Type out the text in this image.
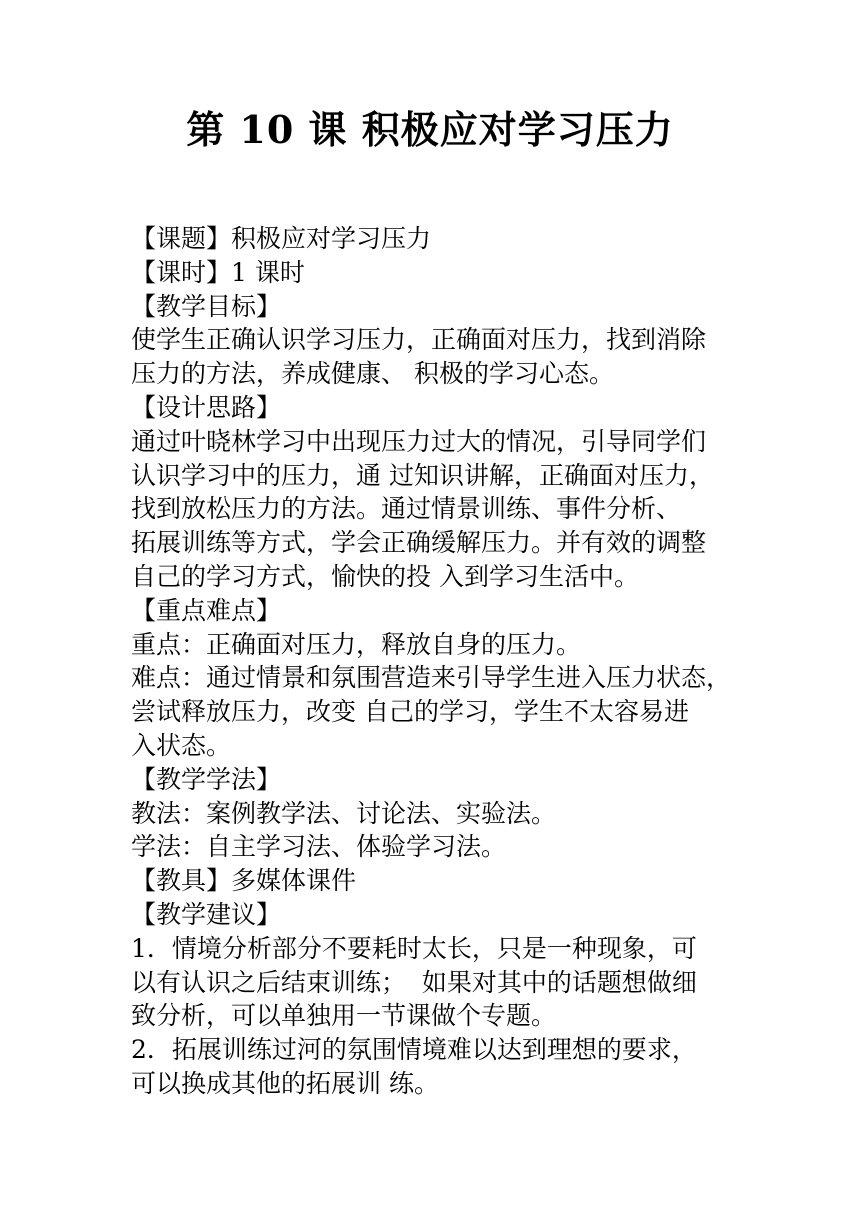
第 10 课 积极应对学习压力
【课题】积极应对学习压力
【课时】1 课时
【教学目标】
使学生正确认识学习压力，正确面对压力，找到消除
压力的方法，养成健康、 积极的学习心态。
【设计思路】
通过叶晓林学习中出现压力过大的情况，引导同学们
认识学习中的压力，通 过知识讲解，正确面对压力，
找到放松压力的方法。通过情景训练、事件分析、
拓展训练等方式，学会正确缓解压力。并有效的调整
自己的学习方式，愉快的投 入到学习生活中。
【重点难点】
重点：正确面对压力，释放自身的压力。
难点：通过情景和氛围营造来引导学生进入压力状态，
尝试释放压力，改变 自己的学习，学生不太容易进
入状态。
【教学学法】
教法：案例教学法、讨论法、实验法。
学法：自主学习法、体验学习法。
【教具】多媒体课件
【教学建议】
1．情境分析部分不要耗时太长，只是一种现象，可
以有认识之后结束训练；  如果对其中的话题想做细
致分析，可以单独用一节课做个专题。
2．拓展训练过河的氛围情境难以达到理想的要求，
可以换成其他的拓展训 练。
